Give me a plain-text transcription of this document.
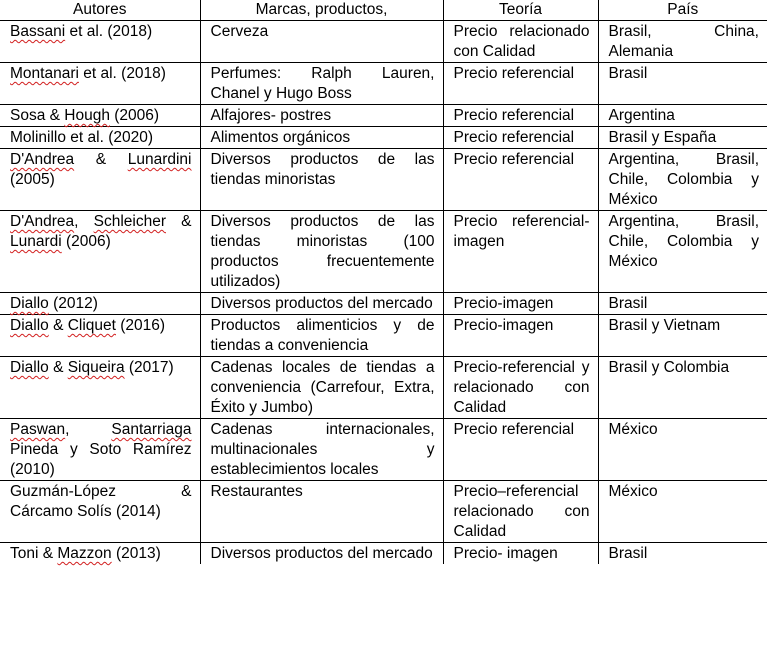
Autores	Marcas, productos,	Teoría	País
Bassani et al. (2018)	Cerveza	Precio relacionado con Calidad	Brasil, China, Alemania
Montanari et al. (2018)	Perfumes: Ralph Lauren, Chanel y Hugo Boss	Precio referencial	Brasil
Sosa & Hough (2006)	Alfajores- postres	Precio referencial	Argentina
Molinillo et al. (2020)	Alimentos orgánicos	Precio referencial	Brasil y España
D'Andrea & Lunardini (2005)	Diversos productos de las tiendas minoristas	Precio referencial	Argentina, Brasil, Chile, Colombia y México
D'Andrea, Schleicher & Lunardi (2006)	Diversos productos de las tiendas minoristas (100 productos frecuentemente utilizados)	Precio referencial-imagen	Argentina, Brasil, Chile, Colombia y México
Diallo (2012)	Diversos productos del mercado	Precio-imagen	Brasil
Diallo & Cliquet (2016)	Productos alimenticios y de tiendas a conveniencia	Precio-imagen	Brasil y Vietnam
Diallo & Siqueira (2017)	Cadenas locales de tiendas a conveniencia (Carrefour, Extra, Éxito y Jumbo)	Precio-referencial y relacionado con Calidad	Brasil y Colombia
Paswan, Santarriaga Pineda y Soto Ramírez (2010)	Cadenas internacionales, multinacionales y establecimientos locales	Precio referencial	México
Guzmán-López & Cárcamo Solís (2014)	Restaurantes	Precio–referencial relacionado con Calidad	México
Toni & Mazzon (2013)	Diversos productos del mercado	Precio- imagen	Brasil
